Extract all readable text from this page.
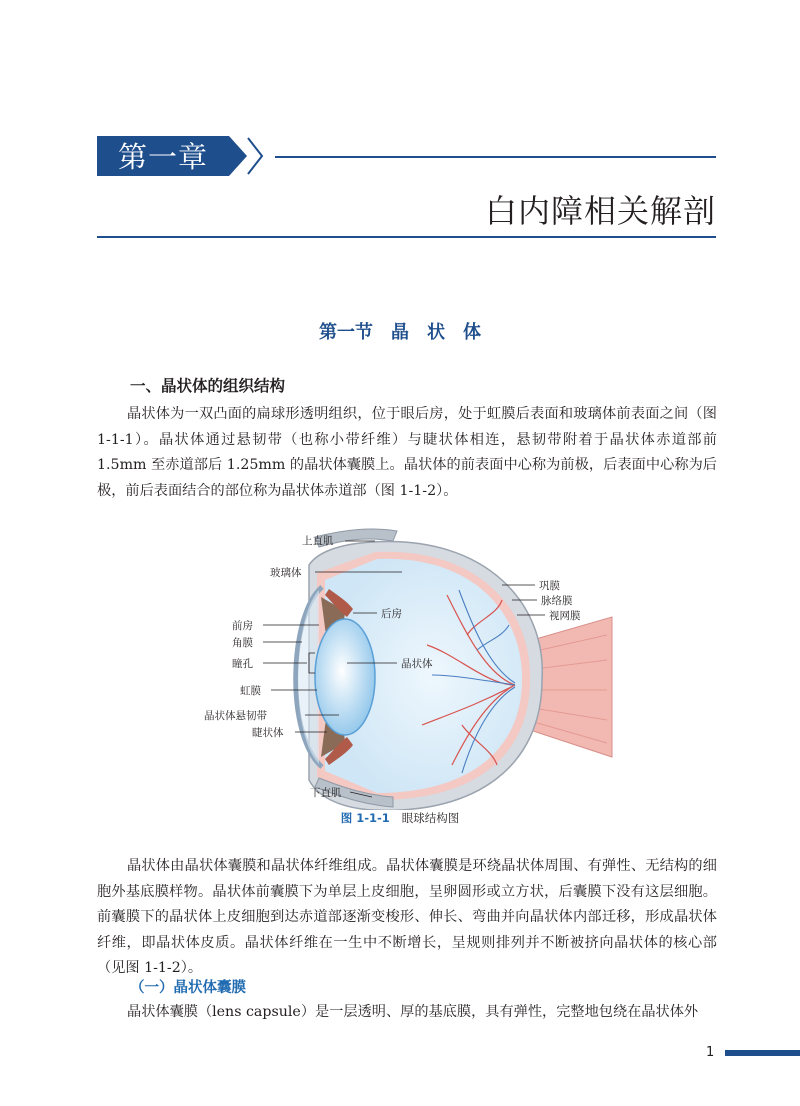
第一章
白内障相关解剖
第一节　晶　状　体
一、晶状体的组织结构

晶状体为一双凸面的扁球形透明组织，位于眼后房，处于虹膜后表面和玻璃体前表面之间（图 1-1-1）。晶状体通过悬韧带（也称小带纤维）与睫状体相连，悬韧带附着于晶状体赤道部前 1.5mm 至赤道部后 1.25mm 的晶状体囊膜上。晶状体的前表面中心称为前极，后表面中心称为后极，前后表面结合的部位称为晶状体赤道部（图 1-1-2）。

上直肌
玻璃体
后房
前房
角膜
瞳孔	晶状体
虹膜
晶状体悬韧带
睫状体
下直肌
巩膜
脉络膜
视网膜
图 1-1-1 眼球结构图

晶状体由晶状体囊膜和晶状体纤维组成。晶状体囊膜是环绕晶状体周围、有弹性、无结构的细胞外基底膜样物。晶状体前囊膜下为单层上皮细胞，呈卵圆形或立方状，后囊膜下没有这层细胞。前囊膜下的晶状体上皮细胞到达赤道部逐渐变梭形、伸长、弯曲并向晶状体内部迁移，形成晶状体纤维，即晶状体皮质。晶状体纤维在一生中不断增长，呈规则排列并不断被挤向晶状体的核心部（见图 1-1-2）。

（一）晶状体囊膜

晶状体囊膜（lens capsule）是一层透明、厚的基底膜，具有弹性，完整地包绕在晶状体外

1
